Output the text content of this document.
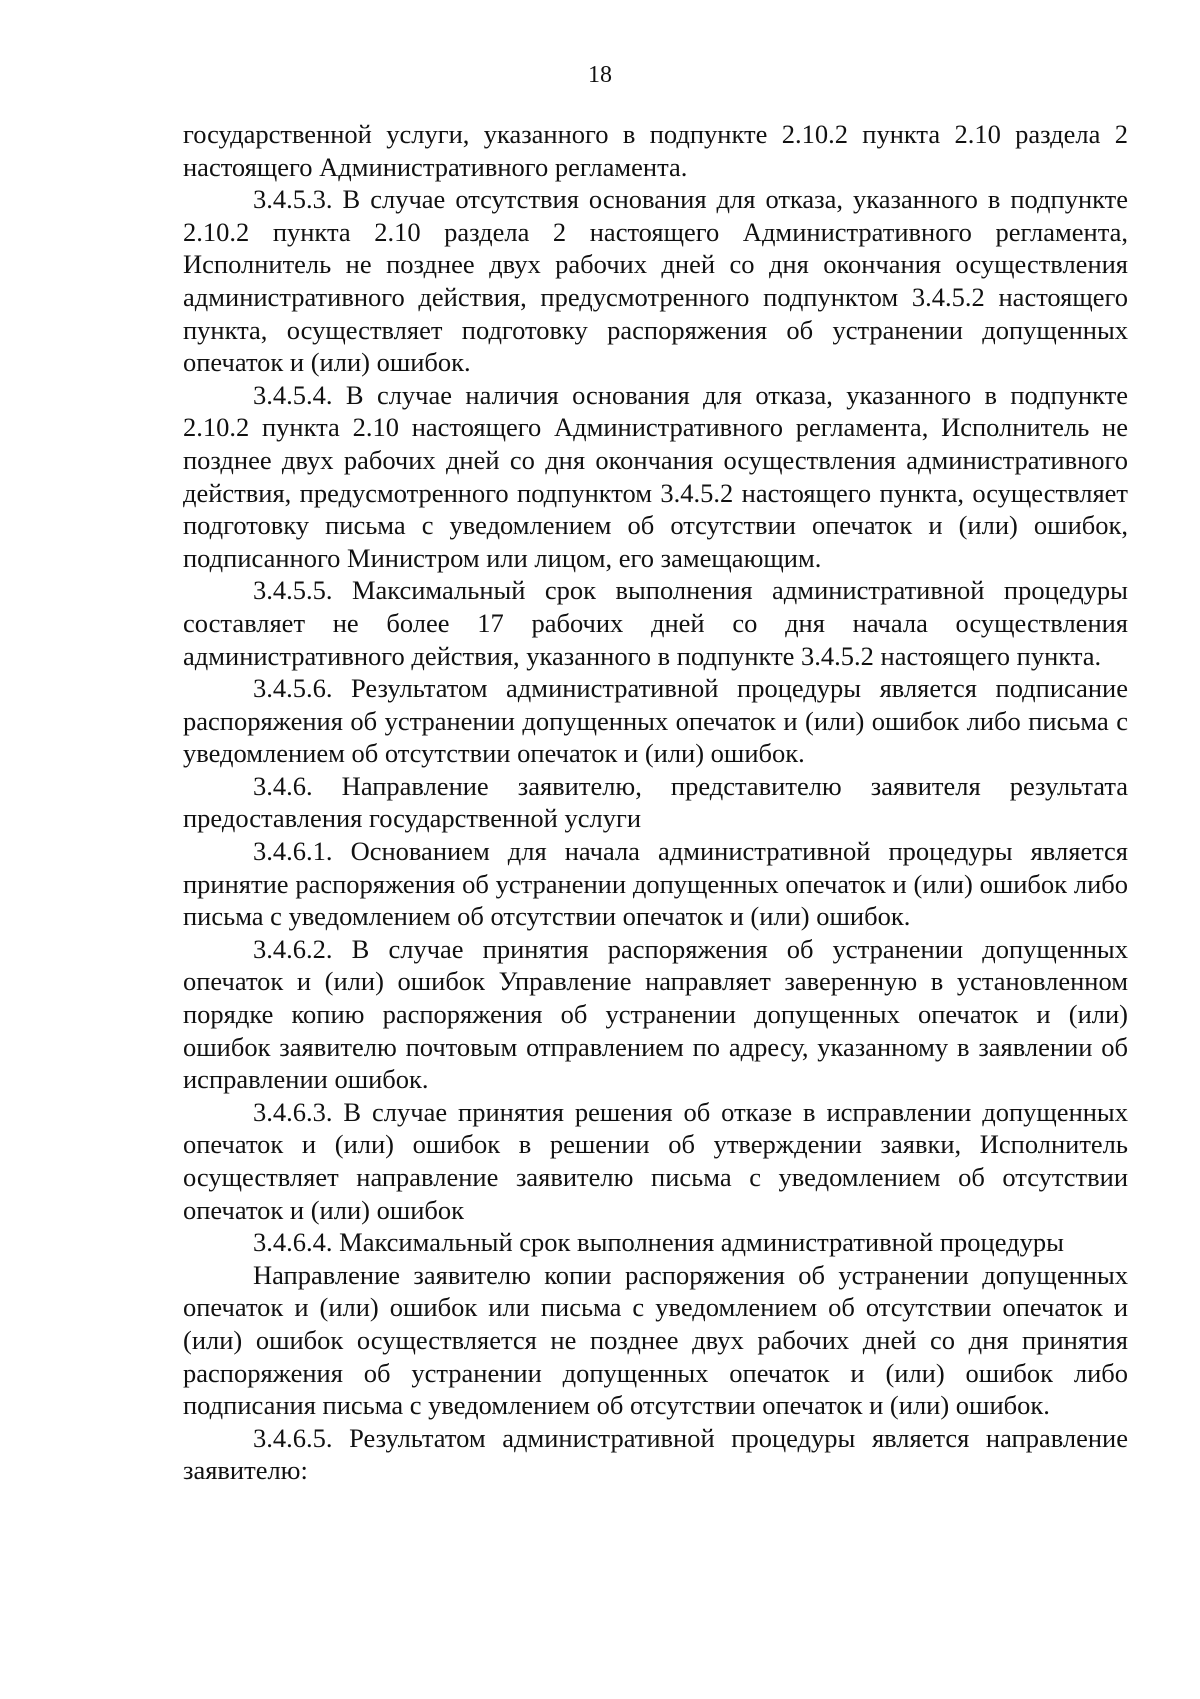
18

государственной услуги, указанного в подпункте 2.10.2 пункта 2.10 раздела 2 настоящего Административного регламента.

3.4.5.3. В случае отсутствия основания для отказа, указанного в подпункте 2.10.2 пункта 2.10 раздела 2 настоящего Административного регламента, Исполнитель не позднее двух рабочих дней со дня окончания осуществления административного действия, предусмотренного подпунктом 3.4.5.2 настоящего пункта, осуществляет подготовку распоряжения об устранении допущенных опечаток и (или) ошибок.

3.4.5.4. В случае наличия основания для отказа, указанного в подпункте 2.10.2 пункта 2.10 настоящего Административного регламента, Исполнитель не позднее двух рабочих дней со дня окончания осуществления административного действия, предусмотренного подпунктом 3.4.5.2 настоящего пункта, осуществляет подготовку письма с уведомлением об отсутствии опечаток и (или) ошибок, подписанного Министром или лицом, его замещающим.

3.4.5.5. Максимальный срок выполнения административной процедуры составляет не более 17 рабочих дней со дня начала осуществления административного действия, указанного в подпункте 3.4.5.2 настоящего пункта.

3.4.5.6. Результатом административной процедуры является подписание распоряжения об устранении допущенных опечаток и (или) ошибок либо письма с уведомлением об отсутствии опечаток и (или) ошибок.

3.4.6. Направление заявителю, представителю заявителя результата предоставления государственной услуги

3.4.6.1. Основанием для начала административной процедуры является принятие распоряжения об устранении допущенных опечаток и (или) ошибок либо письма с уведомлением об отсутствии опечаток и (или) ошибок.

3.4.6.2. В случае принятия распоряжения об устранении допущенных опечаток и (или) ошибок Управление направляет заверенную в установленном порядке копию распоряжения об устранении допущенных опечаток и (или) ошибок заявителю почтовым отправлением по адресу, указанному в заявлении об исправлении ошибок.

3.4.6.3. В случае принятия решения об отказе в исправлении допущенных опечаток и (или) ошибок в решении об утверждении заявки, Исполнитель осуществляет направление заявителю письма с уведомлением об отсутствии опечаток и (или) ошибок

3.4.6.4. Максимальный срок выполнения административной процедуры

Направление заявителю копии распоряжения об устранении допущенных опечаток и (или) ошибок или письма с уведомлением об отсутствии опечаток и (или) ошибок осуществляется не позднее двух рабочих дней со дня принятия распоряжения об устранении допущенных опечаток и (или) ошибок либо подписания письма с уведомлением об отсутствии опечаток и (или) ошибок.

3.4.6.5. Результатом административной процедуры является направление заявителю:
